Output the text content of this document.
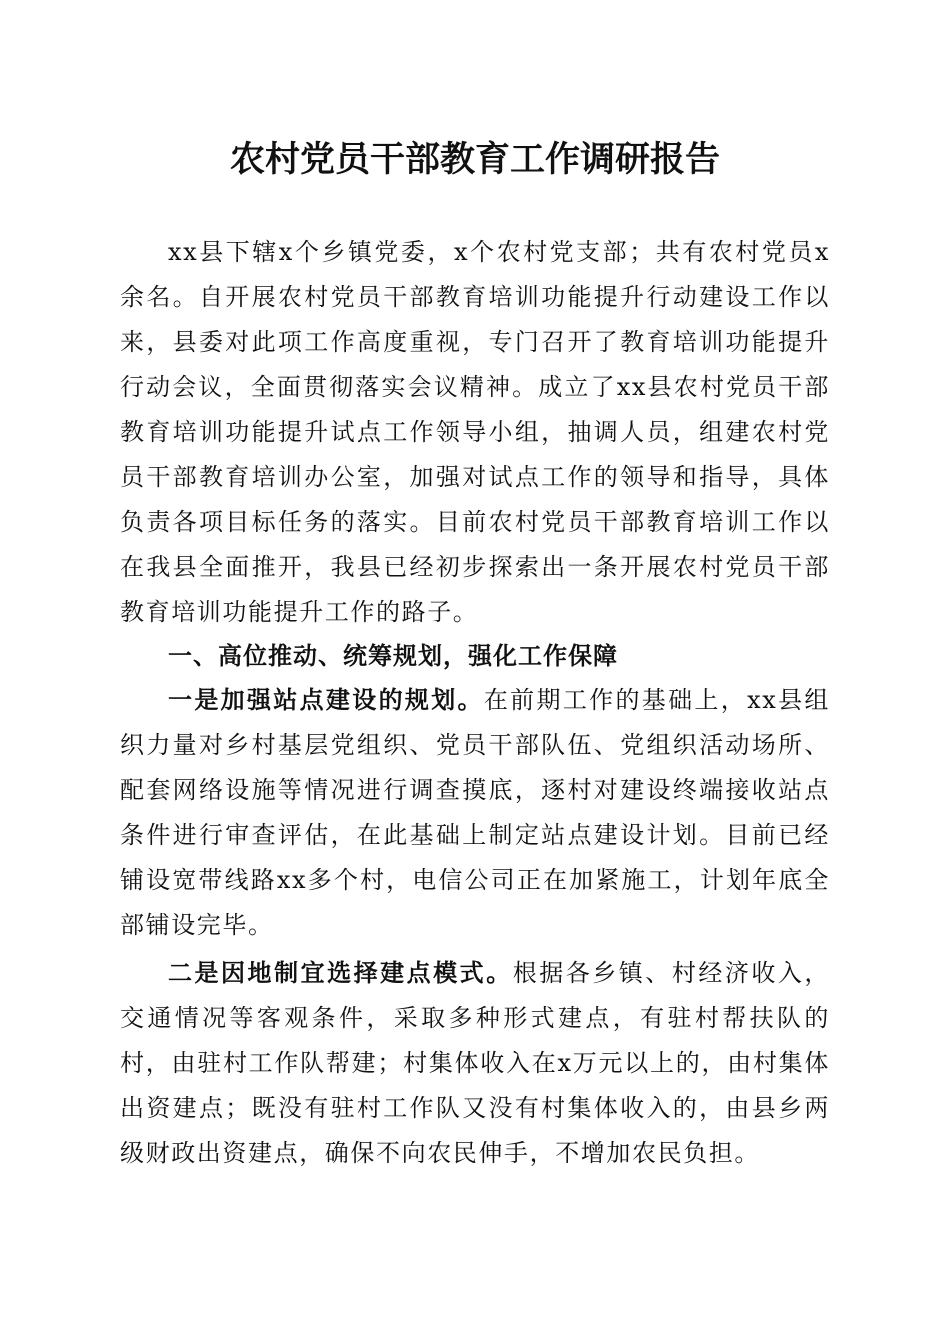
农村党员干部教育工作调研报告

xx县下辖x个乡镇党委，x个农村党支部；共有农村党员x余名。自开展农村党员干部教育培训功能提升行动建设工作以来，县委对此项工作高度重视，专门召开了教育培训功能提升行动会议，全面贯彻落实会议精神。成立了xx县农村党员干部教育培训功能提升试点工作领导小组，抽调人员，组建农村党员干部教育培训办公室，加强对试点工作的领导和指导，具体负责各项目标任务的落实。目前农村党员干部教育培训工作以在我县全面推开，我县已经初步探索出一条开展农村党员干部教育培训功能提升工作的路子。

一、高位推动、统筹规划，强化工作保障

一是加强站点建设的规划。在前期工作的基础上，xx县组织力量对乡村基层党组织、党员干部队伍、党组织活动场所、配套网络设施等情况进行调查摸底，逐村对建设终端接收站点条件进行审查评估，在此基础上制定站点建设计划。目前已经铺设宽带线路xx多个村，电信公司正在加紧施工，计划年底全部铺设完毕。

二是因地制宜选择建点模式。根据各乡镇、村经济收入，交通情况等客观条件，采取多种形式建点，有驻村帮扶队的村，由驻村工作队帮建；村集体收入在x万元以上的，由村集体出资建点；既没有驻村工作队又没有村集体收入的，由县乡两级财政出资建点，确保不向农民伸手，不增加农民负担。
